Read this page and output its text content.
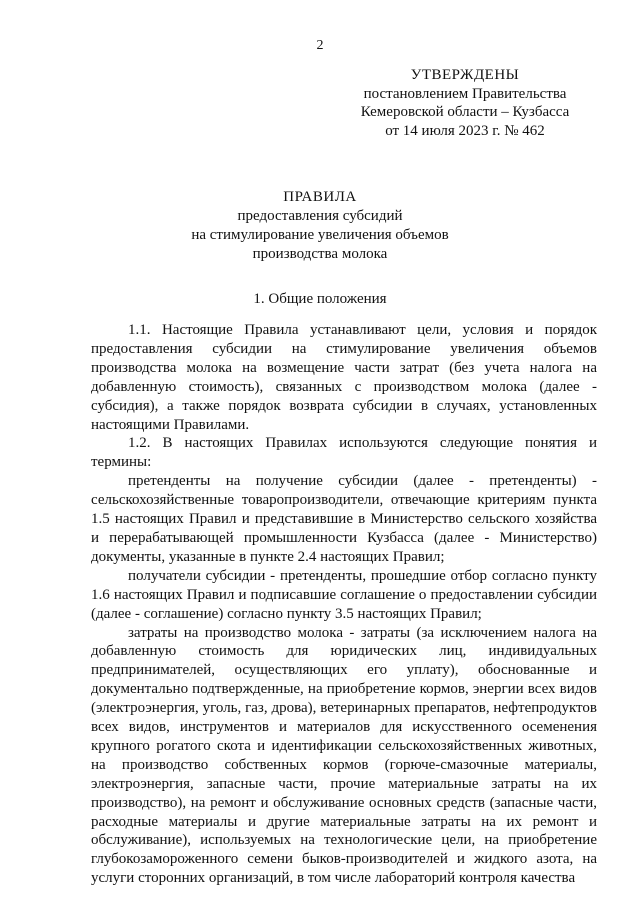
2
УТВЕРЖДЕНЫ
постановлением Правительства
Кемеровской области – Кузбасса
от 14 июля 2023 г. № 462
ПРАВИЛА
предоставления субсидий
на стимулирование увеличения объемов
производства молока
1. Общие положения

1.1. Настоящие Правила устанавливают цели, условия и порядок предоставления субсидии на стимулирование увеличения объемов производства молока на возмещение части затрат (без учета налога на добавленную стоимость), связанных с производством молока (далее - субсидия), а также порядок возврата субсидии в случаях, установленных настоящими Правилами.

1.2. В настоящих Правилах используются следующие понятия и термины:

претенденты на получение субсидии (далее - претенденты) - сельскохозяйственные товаропроизводители, отвечающие критериям пункта 1.5 настоящих Правил и представившие в Министерство сельского хозяйства и перерабатывающей промышленности Кузбасса (далее - Министерство) документы, указанные в пункте 2.4 настоящих Правил;

получатели субсидии - претенденты, прошедшие отбор согласно пункту 1.6 настоящих Правил и подписавшие соглашение о предоставлении субсидии (далее - соглашение) согласно пункту 3.5 настоящих Правил;

затраты на производство молока - затраты (за исключением налога на добавленную стоимость для юридических лиц, индивидуальных предпринимателей, осуществляющих его уплату), обоснованные и документально подтвержденные, на приобретение кормов, энергии всех видов (электроэнергия, уголь, газ, дрова), ветеринарных препаратов, нефтепродуктов всех видов, инструментов и материалов для искусственного осеменения крупного рогатого скота и идентификации сельскохозяйственных животных, на производство собственных кормов (горюче-смазочные материалы, электроэнергия, запасные части, прочие материальные затраты на их производство), на ремонт и обслуживание основных средств (запасные части, расходные материалы и другие материальные затраты на их ремонт и обслуживание), используемых на технологические цели, на приобретение глубокозамороженного семени быков-производителей и жидкого азота, на услуги сторонних организаций, в том числе лабораторий контроля качества
